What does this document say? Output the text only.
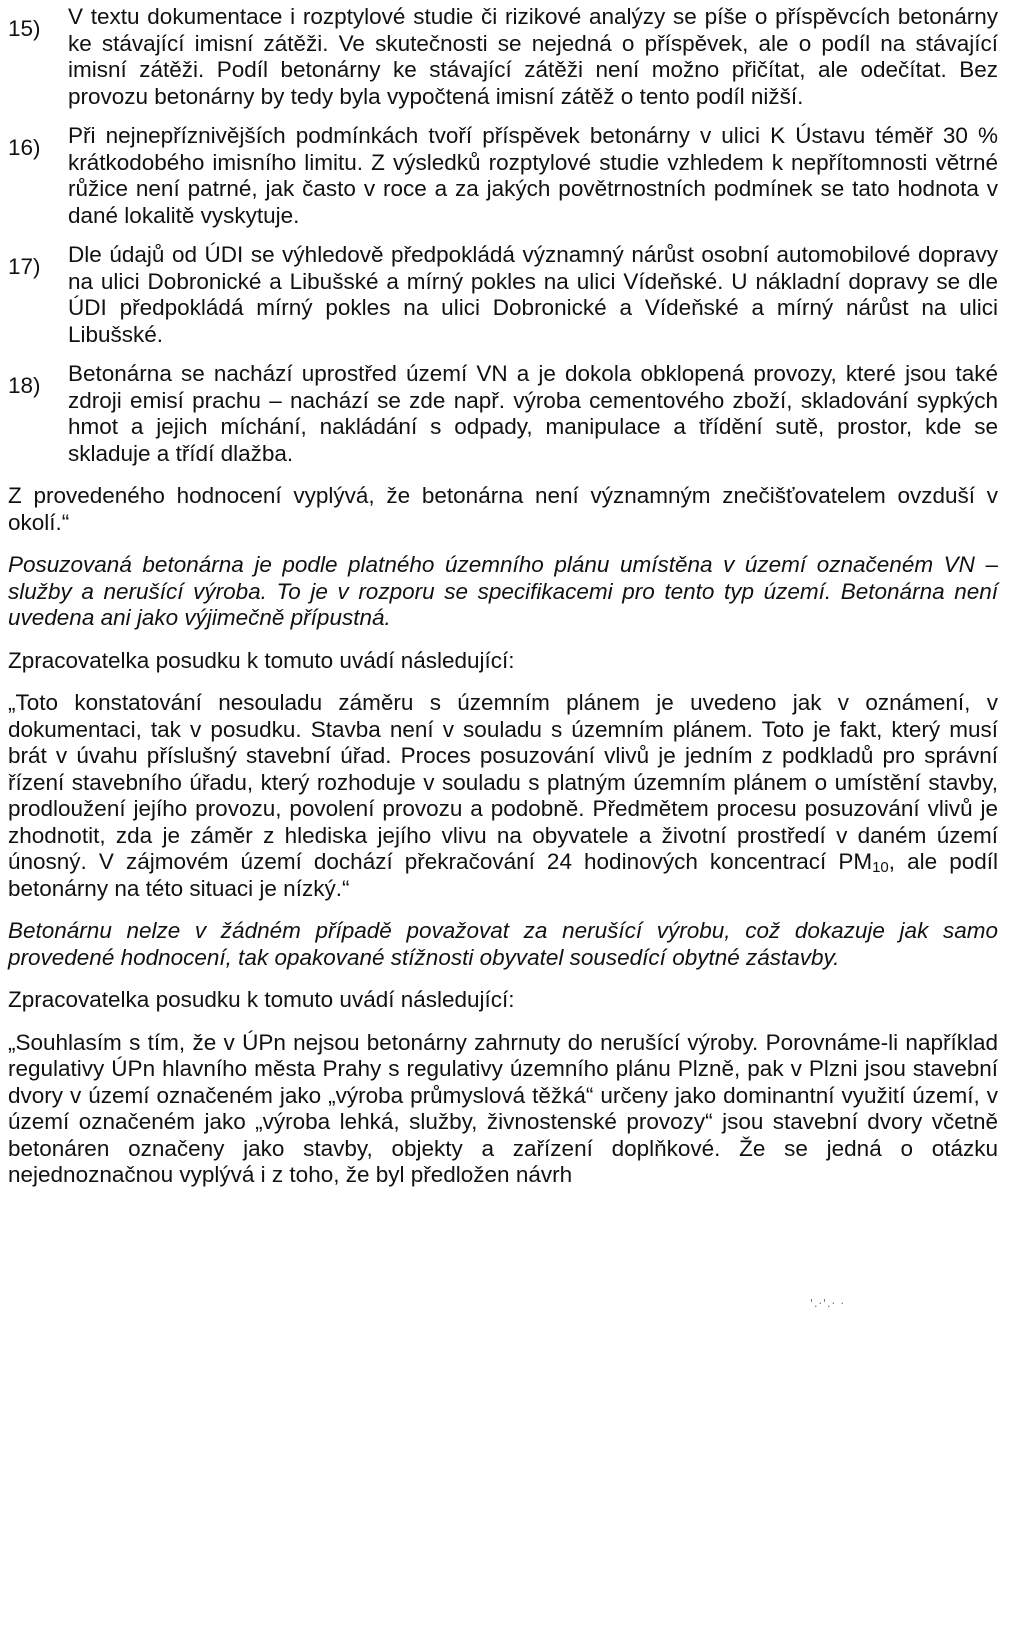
15)	V textu dokumentace i rozptylové studie či rizikové analýzy se píše o příspěvcích betonárny ke stávající imisní zátěži. Ve skutečnosti se nejedná o příspěvek, ale o podíl na stávající imisní zátěži. Podíl betonárny ke stávající zátěži není možno přičítat, ale odečítat. Bez provozu betonárny by tedy byla vypočtená imisní zátěž o tento podíl nižší.

16)	Při nejnepříznivějších podmínkách tvoří příspěvek betonárny v ulici K Ústavu téměř 30 % krátkodobého imisního limitu. Z výsledků rozptylové studie vzhledem k nepřítomnosti větrné růžice není patrné, jak často v roce a za jakých povětrnostních podmínek se tato hodnota v dané lokalitě vyskytuje.

17)	Dle údajů od ÚDI se výhledově předpokládá významný nárůst osobní automobilové dopravy na ulici Dobronické a Libušské a mírný pokles na ulici Vídeňské. U nákladní dopravy se dle ÚDI předpokládá mírný pokles na ulici Dobronické a Vídeňské a mírný nárůst na ulici Libušské.

18)	Betonárna se nachází uprostřed území VN a je dokola obklopená provozy, které jsou také zdroji emisí prachu – nachází se zde např. výroba cementového zboží, skladování sypkých hmot a jejich míchání, nakládání s odpady, manipulace a třídění sutě, prostor, kde se skladuje a třídí dlažba.

Z provedeného hodnocení vyplývá, že betonárna není významným znečišťovatelem ovzduší v okolí.“

Posuzovaná betonárna je podle platného územního plánu umístěna v území označeném VN – služby a nerušící výroba. To je v rozporu se specifikacemi pro tento typ území. Betonárna není uvedena ani jako výjimečně přípustná.

Zpracovatelka posudku k tomuto uvádí následující:

„Toto konstatování nesouladu záměru s územním plánem je uvedeno jak v oznámení, v dokumentaci, tak v posudku. Stavba není v souladu s územním plánem. Toto je fakt, který musí brát v úvahu příslušný stavební úřad. Proces posuzování vlivů je jedním z podkladů pro správní řízení stavebního úřadu, který rozhoduje v souladu s platným územním plánem o umístění stavby, prodloužení jejího provozu, povolení provozu a podobně. Předmětem procesu posuzování vlivů je zhodnotit, zda je záměr z hlediska jejího vlivu na obyvatele a životní prostředí v daném území únosný. V zájmovém území dochází překračování 24 hodinových koncentrací $PM_{10}$, ale podíl betonárny na této situaci je nízký.“

Betonárnu nelze v žádném případě považovat za nerušící výrobu, což dokazuje jak samo provedené hodnocení, tak opakované stížnosti obyvatel sousedící obytné zástavby.

Zpracovatelka posudku k tomuto uvádí následující:

„Souhlasím s tím, že v ÚPn nejsou betonárny zahrnuty do nerušící výroby. Porovnáme-li například regulativy ÚPn hlavního města Prahy s regulativy územního plánu Plzně, pak v Plzni jsou stavební dvory v území označeném jako „výroba průmyslová těžká“ určeny jako dominantní využití území, v území označeném jako „výroba lehká, služby, živnostenské provozy“ jsou stavební dvory včetně betonáren označeny jako stavby, objekty a zařízení doplňkové. Že se jedná o otázku nejednoznačnou vyplývá i z toho, že byl předložen návrh

'.·'.· ·
